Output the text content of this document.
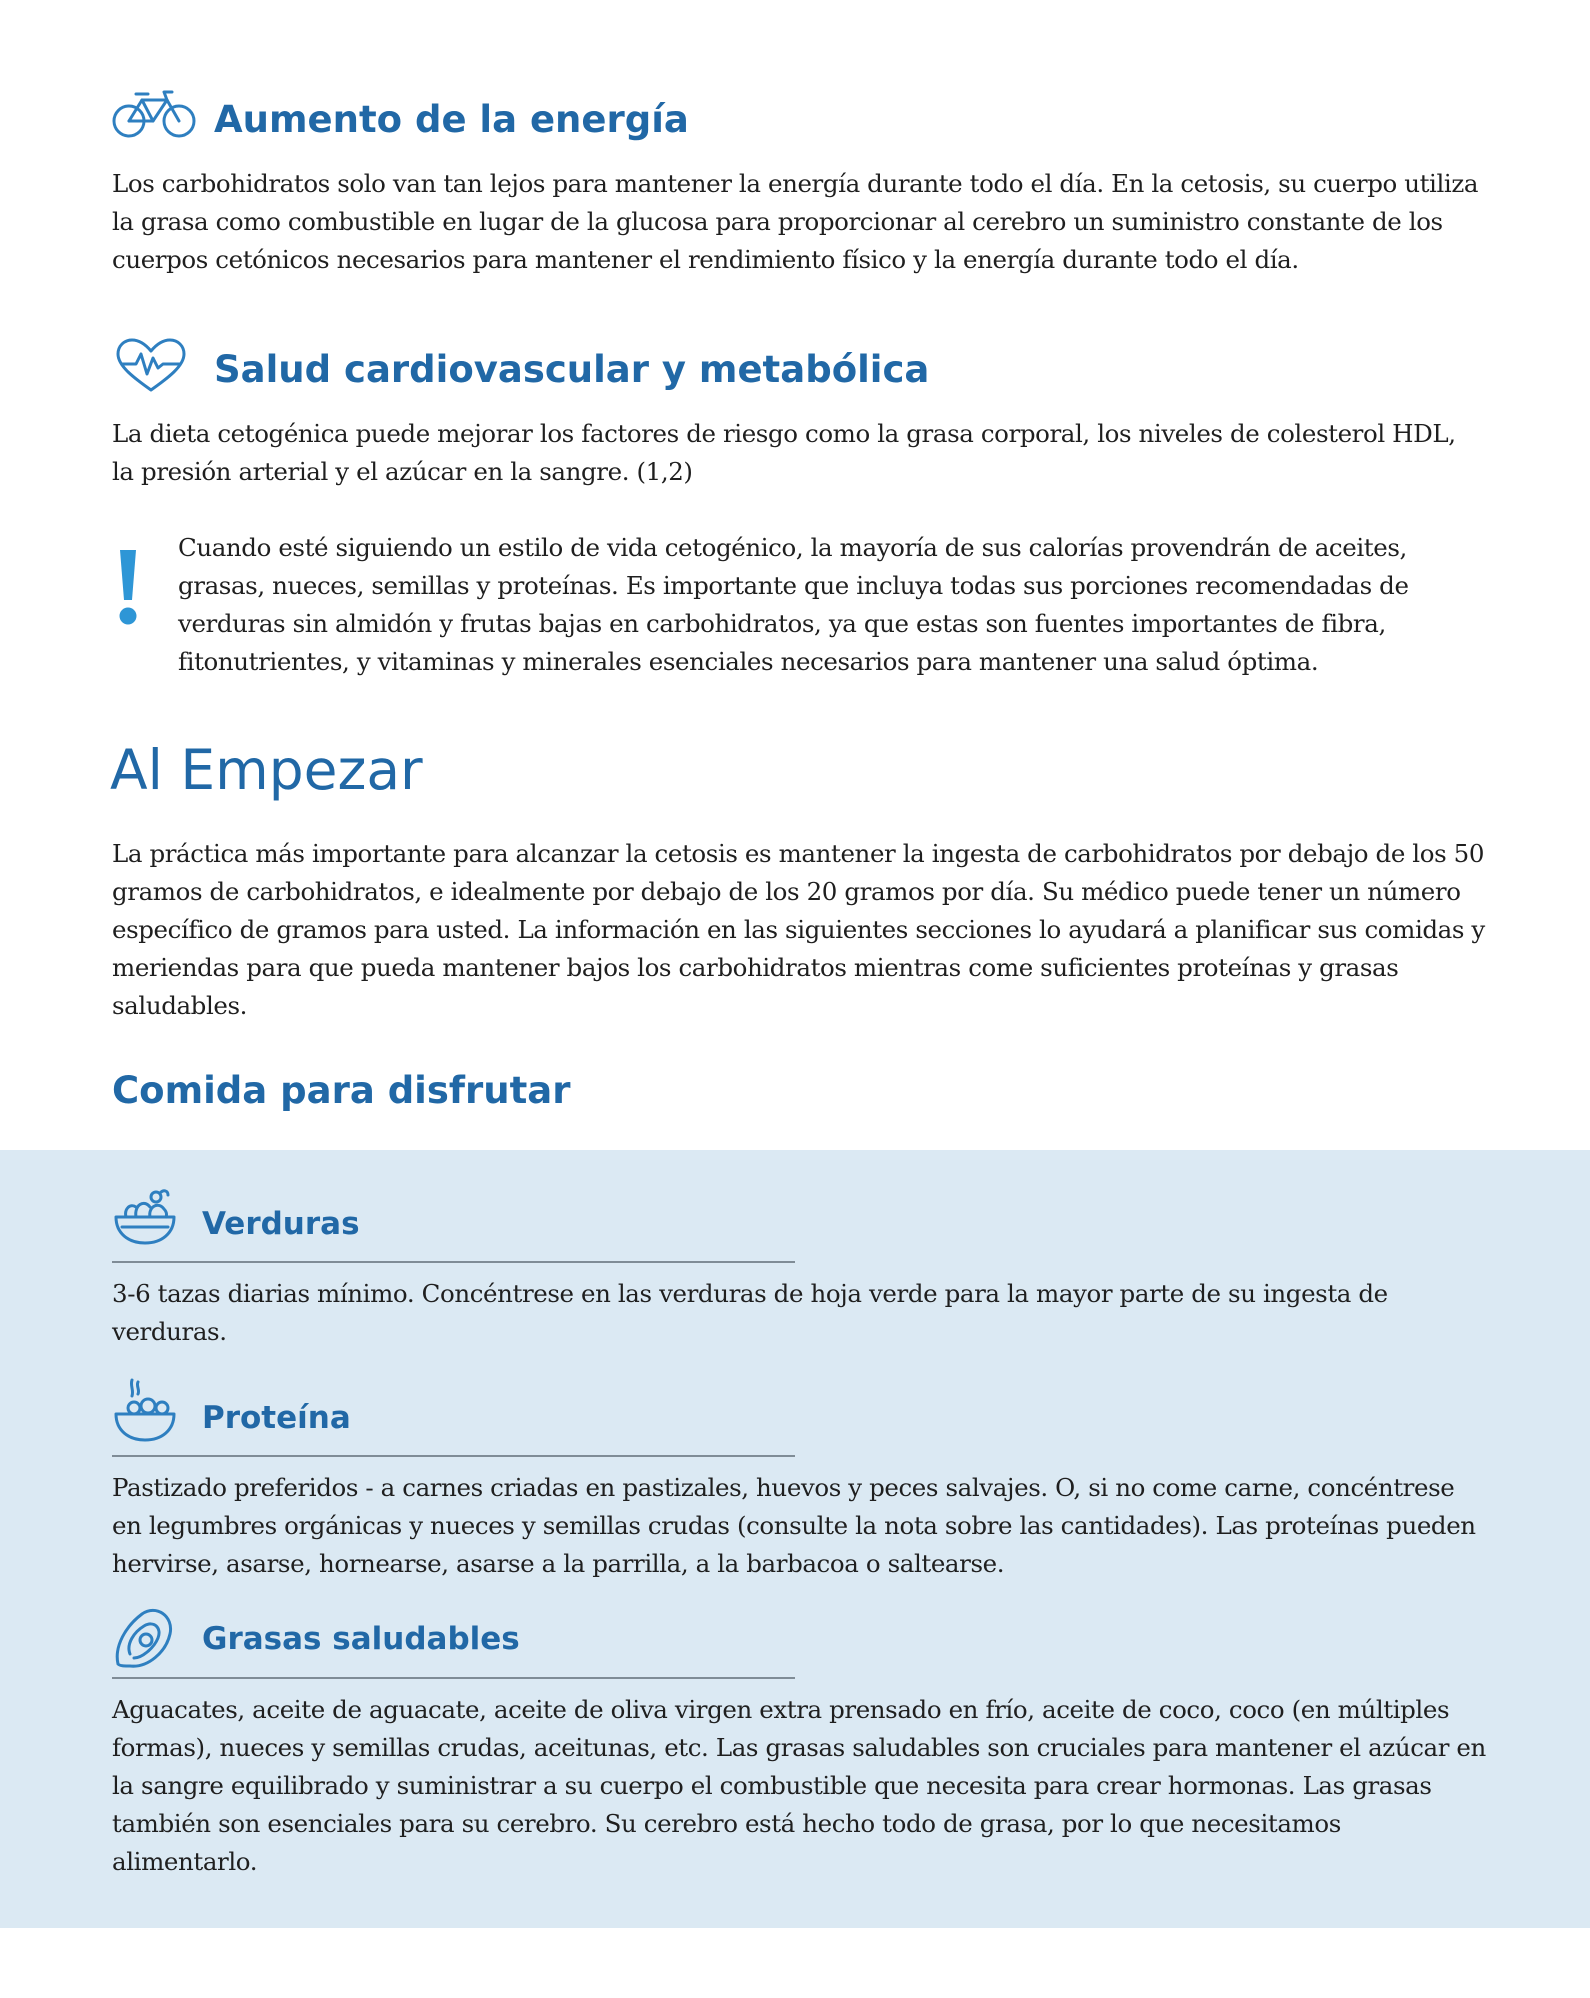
Aumento de la energía
Los carbohidratos solo van tan lejos para mantener la energía durante todo el día. En la cetosis, su cuerpo utiliza la grasa como combustible en lugar de la glucosa para proporcionar al cerebro un suministro constante de los cuerpos cetónicos necesarios para mantener el rendimiento físico y la energía durante todo el día.
Salud cardiovascular y metabólica
La dieta cetogénica puede mejorar los factores de riesgo como la grasa corporal, los niveles de colesterol HDL, la presión arterial y el azúcar en la sangre. (1,2)
Cuando esté siguiendo un estilo de vida cetogénico, la mayoría de sus calorías provendrán de aceites, grasas, nueces, semillas y proteínas. Es importante que incluya todas sus porciones recomendadas de verduras sin almidón y frutas bajas en carbohidratos, ya que estas son fuentes importantes de fibra, fitonutrientes, y vitaminas y minerales esenciales necesarios para mantener una salud óptima.
Al Empezar
La práctica más importante para alcanzar la cetosis es mantener la ingesta de carbohidratos por debajo de los 50 gramos de carbohidratos, e idealmente por debajo de los 20 gramos por día. Su médico puede tener un número específico de gramos para usted. La información en las siguientes secciones lo ayudará a planificar sus comidas y meriendas para que pueda mantener bajos los carbohidratos mientras come suficientes proteínas y grasas saludables.
Comida para disfrutar
Verduras
3-6 tazas diarias mínimo. Concéntrese en las verduras de hoja verde para la mayor parte de su ingesta de verduras.
Proteína
Pastizado preferidos - a carnes criadas en pastizales, huevos y peces salvajes. O, si no come carne, concéntrese en legumbres orgánicas y nueces y semillas crudas (consulte la nota sobre las cantidades). Las proteínas pueden hervirse, asarse, hornearse, asarse a la parrilla, a la barbacoa o saltearse.
Grasas saludables
Aguacates, aceite de aguacate, aceite de oliva virgen extra prensado en frío, aceite de coco, coco (en múltiples formas), nueces y semillas crudas, aceitunas, etc. Las grasas saludables son cruciales para mantener el azúcar en la sangre equilibrado y suministrar a su cuerpo el combustible que necesita para crear hormonas. Las grasas también son esenciales para su cerebro. Su cerebro está hecho todo de grasa, por lo que necesitamos alimentarlo.
